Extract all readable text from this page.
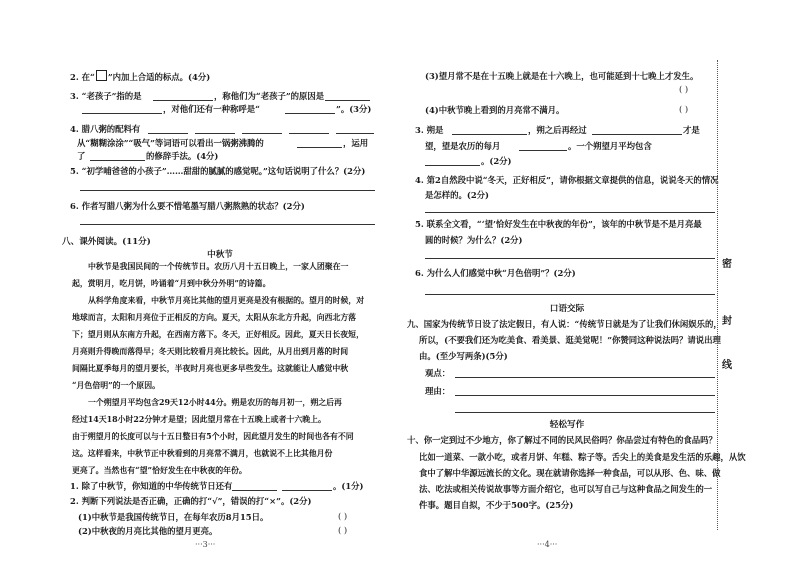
2. 在“ ”内加上合适的标点。(4分)
3. “老孩子”指的是	，称他们为“老孩子”的原因是
，对他们还有一种称呼是“	”。(3分)
4. 腊八粥的配料有
从“糊糊涂涂”“吸气”等词语可以看出一锅粥沸腾的	，运用
了	的修辞手法。(4分)
5. “初学哺爸爸的小孩子”……甜甜的腻腻的感觉呢。”这句话说明了什么？(2分)
6. 作者写腊八粥为什么要不惜笔墨写腊八粥熬熟的状态？(2分)
八、课外阅读。(11分)
中秋节
中秋节是我国民间的一个传统节日。农历八月十五日晚上，一家人团聚在一
起，赏明月，吃月饼，吟诵着“月到中秋分外明”的诗篇。
从科学角度来看，中秋节月亮比其他的望月更亮是没有根据的。望月的时候，对
地球而言，太阳和月亮位于正相反的方向。夏天，太阳从东北方升起，向西北方落
下；望月则从东南方升起，在西南方落下。冬天，正好相反。因此，夏天日长夜短，
月亮则升得晚而落得早；冬天则比较看月亮比较长。因此，从月出到月落的时间
间隔比夏季每月的望月要长，半夜时月亮也更多早些发生。这就能让人感觉中秋
“月色倍明”的一个原因。
一个朔望月平均包含29天12小时44分。朔是农历的每月初一，朔之后再
经过14天18小时22分钟才是望；因此望月常在十五晚上或者十六晚上。
由于朔望月的长度可以与十五日整日有5个小时，因此望月发生的时间也各有不同
这。这样看来，中秋节正中秋看到的月亮常不满月，也就说不上比其他月份
更亮了。当然也有“望”恰好发生在中秋夜的年份。
1. 除了中秋节，你知道的中华传统节日还有	。(1分)
2. 判断下列说法是否正确，正确的打“√”，错误的打“×”。(2分)
(1)中秋节是我国传统节日，在每年农历8月15日。	( )
(2)中秋夜的月亮比其他的望月更亮。	( )
···3···
(3)望月常不是在十五晚上就是在十六晚上，也可能延到十七晚上才发生。
( )
(4)中秋节晚上看到的月亮常不满月。	( )
3. 朔是	，朔之后再经过	才是
望，望是农历的每月	。一个朔望月平均包含
。(2分)
4. 第2自然段中说“冬天，正好相反”，请你根据文章提供的信息，说说冬天的情况
是怎样的。(2分)
5. 联系全文看，“‘望’恰好发生在中秋夜的年份”，该年的中秋节是不是月亮最
圆的时候？为什么？(2分)
6. 为什么人们感觉中秋“月色倍明”？(2分)
口语交际
九、国家为传统节日设了法定假日，有人说：“传统节日就是为了让我们休闲娱乐的，
所以，(不要我们还为吃美食、看美景、逛美觉呢！”你赞同这种说法吗？请说出理
由。(至少写两条)(5分)
观点：
理由：
轻松写作
十、你一定到过不少地方，你了解过不同的民风民俗吗？你品尝过有特色的食品吗？
比如一道菜、一款小吃，或者月饼、年糕、粽子等。舌尖上的美食是发生活的乐趣，从饮
食中了解中华源远流长的文化。现在就请你选择一种食品，可以从形、色、味、做
法、吃法或相关传说故事等方面介绍它，也可以写自己与这种食品之间发生的一
件事。题目自拟，不少于500字。(25分)
···4···
密
封
线
